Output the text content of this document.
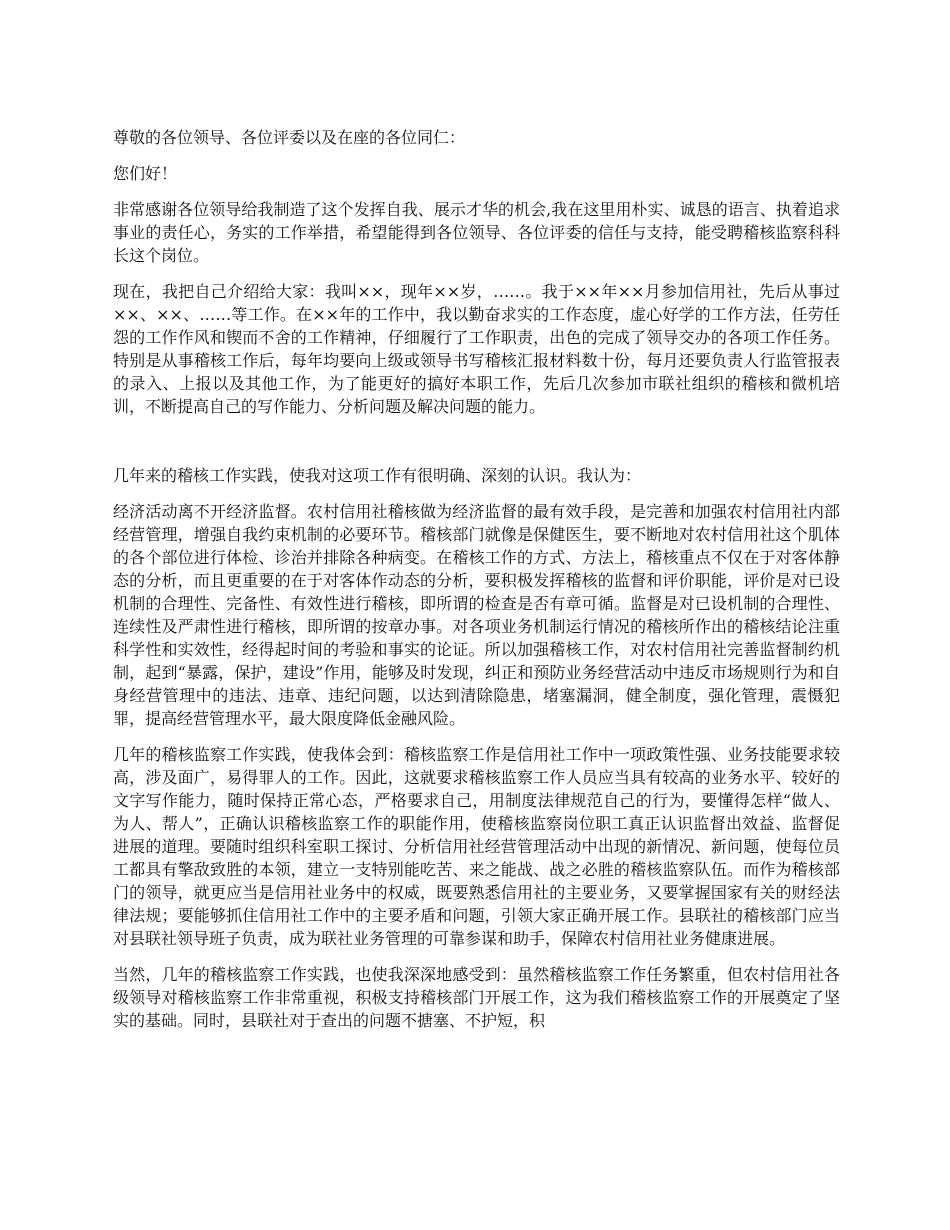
尊敬的各位领导、各位评委以及在座的各位同仁：

您们好！

非常感谢各位领导给我制造了这个发挥自我、展示才华的机会,我在这里用朴实、诚恳的语言、执着追求事业的责任心，务实的工作举措，希望能得到各位领导、各位评委的信任与支持，能受聘稽核监察科科长这个岗位。

现在，我把自己介绍给大家：我叫××，现年××岁，……。我于××年××月参加信用社，先后从事过××、××、……等工作。在××年的工作中，我以勤奋求实的工作态度，虚心好学的工作方法，任劳任怨的工作作风和锲而不舍的工作精神，仔细履行了工作职责，出色的完成了领导交办的各项工作任务。特别是从事稽核工作后，每年均要向上级或领导书写稽核汇报材料数十份，每月还要负责人行监管报表的录入、上报以及其他工作，为了能更好的搞好本职工作，先后几次参加市联社组织的稽核和微机培训，不断提高自己的写作能力、分析问题及解决问题的能力。

几年来的稽核工作实践，使我对这项工作有很明确、深刻的认识。我认为：

经济活动离不开经济监督。农村信用社稽核做为经济监督的最有效手段，是完善和加强农村信用社内部经营管理，增强自我约束机制的必要环节。稽核部门就像是保健医生，要不断地对农村信用社这个肌体的各个部位进行体检、诊治并排除各种病变。在稽核工作的方式、方法上，稽核重点不仅在于对客体静态的分析，而且更重要的在于对客体作动态的分析，要积极发挥稽核的监督和评价职能，评价是对已设机制的合理性、完备性、有效性进行稽核，即所谓的检查是否有章可循。监督是对已设机制的合理性、连续性及严肃性进行稽核，即所谓的按章办事。对各项业务机制运行情况的稽核所作出的稽核结论注重科学性和实效性，经得起时间的考验和事实的论证。所以加强稽核工作，对农村信用社完善监督制约机制，起到“暴露，保护，建设”作用，能够及时发现，纠正和预防业务经营活动中违反市场规则行为和自身经营管理中的违法、违章、违纪问题，以达到清除隐患，堵塞漏洞，健全制度，强化管理，震慑犯罪，提高经营管理水平，最大限度降低金融风险。

几年的稽核监察工作实践，使我体会到：稽核监察工作是信用社工作中一项政策性强、业务技能要求较高，涉及面广，易得罪人的工作。因此，这就要求稽核监察工作人员应当具有较高的业务水平、较好的文字写作能力，随时保持正常心态，严格要求自己，用制度法律规范自己的行为，要懂得怎样“做人、为人、帮人”，正确认识稽核监察工作的职能作用，使稽核监察岗位职工真正认识监督出效益、监督促进展的道理。要随时组织科室职工探讨、分析信用社经营管理活动中出现的新情况、新问题，使每位员工都具有擎敌致胜的本领，建立一支特别能吃苦、来之能战、战之必胜的稽核监察队伍。而作为稽核部门的领导，就更应当是信用社业务中的权威，既要熟悉信用社的主要业务，又要掌握国家有关的财经法律法规；要能够抓住信用社工作中的主要矛盾和问题，引领大家正确开展工作。县联社的稽核部门应当对县联社领导班子负责，成为联社业务管理的可靠参谋和助手，保障农村信用社业务健康进展。

当然，几年的稽核监察工作实践，也使我深深地感受到：虽然稽核监察工作任务繁重，但农村信用社各级领导对稽核监察工作非常重视，积极支持稽核部门开展工作，这为我们稽核监察工作的开展奠定了坚实的基础。同时，县联社对于查出的问题不搪塞、不护短，积
